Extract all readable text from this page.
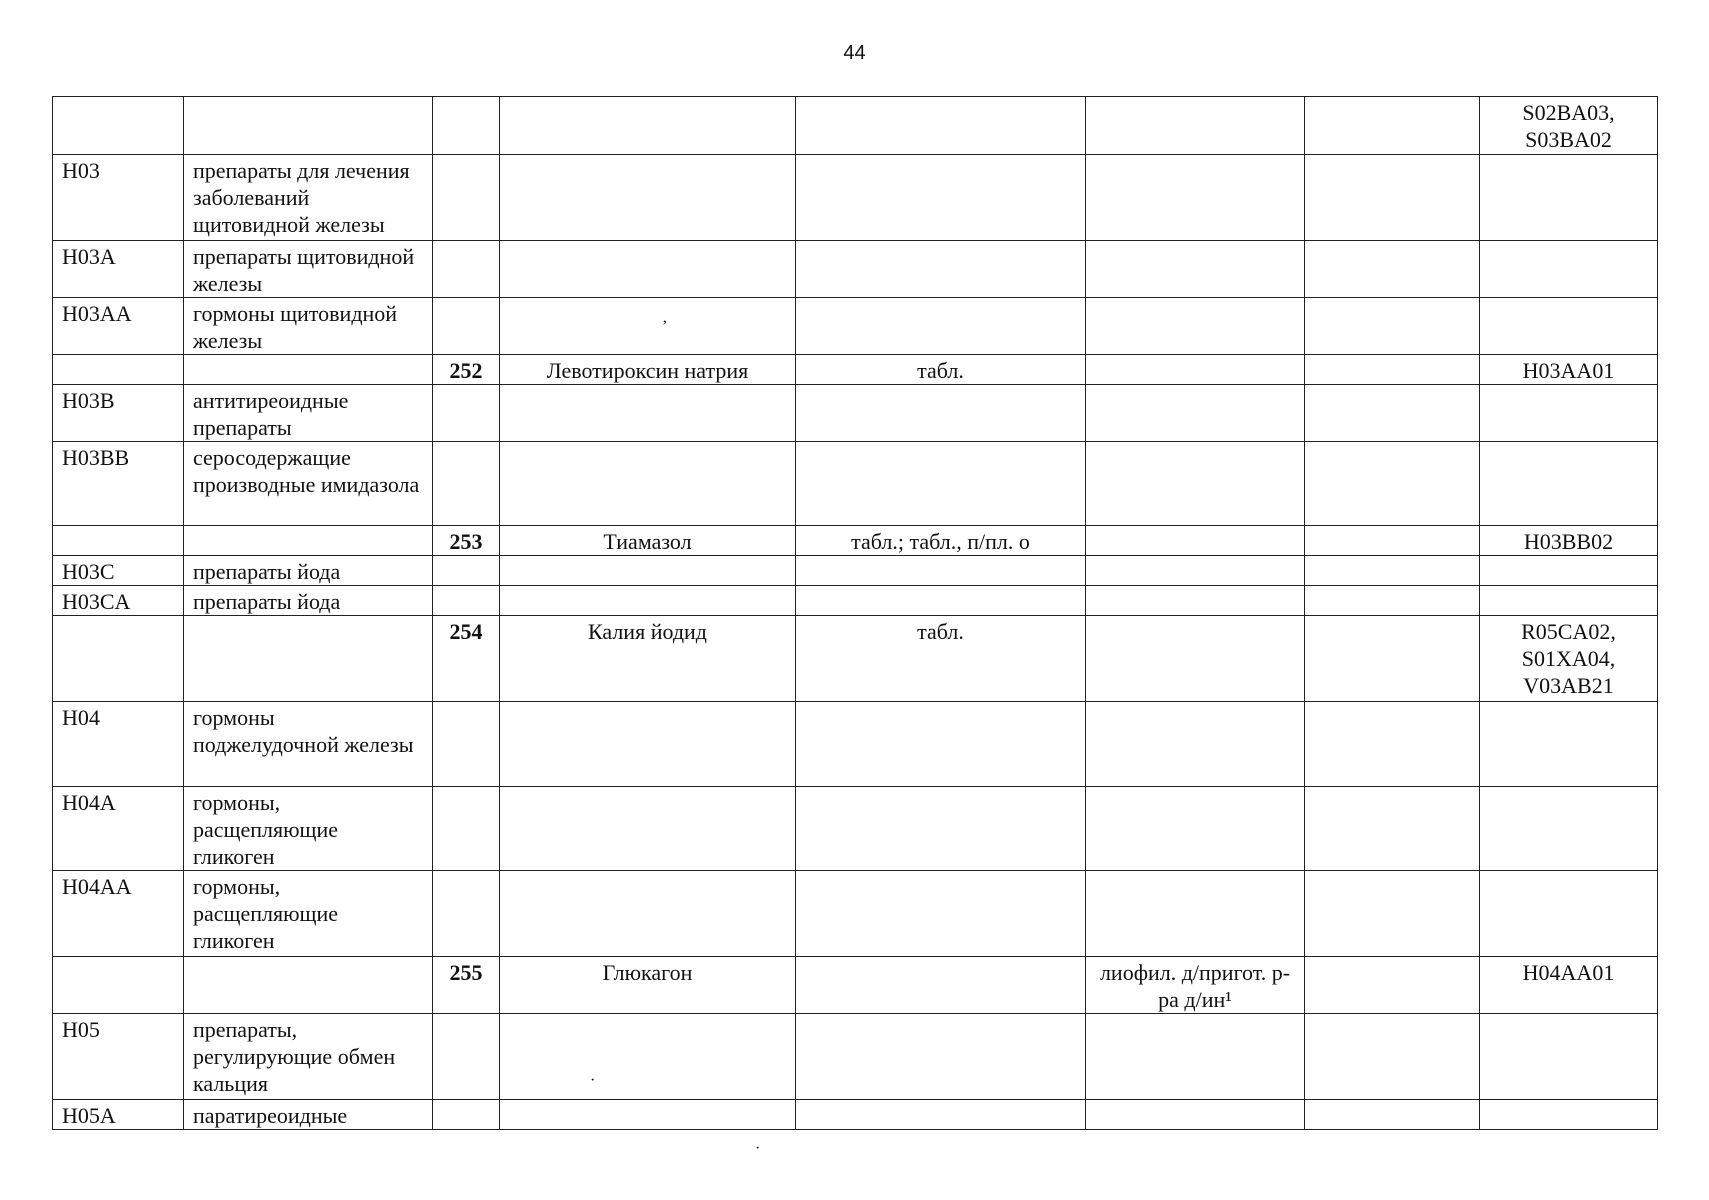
44
							S02BA03, S03BA02
H03	препараты для лечения заболеваний щитовидной железы						
H03A	препараты щитовидной железы						
H03AA	гормоны щитовидной железы						
		252	Левотироксин натрия	табл.			H03AA01
H03B	антитиреоидные препараты						
H03BB	серосодержащие производные имидазола						
		253	Тиамазол	табл.; табл., п/пл. о			H03BB02
H03C	препараты йода						
H03CA	препараты йода						
		254	Калия йодид	табл.			R05CA02, S01XA04, V03AB21
H04	гормоны поджелудочной железы						
H04A	гормоны, расщепляющие гликоген						
H04AA	гормоны, расщепляющие гликоген						
		255	Глюкагон		лиофил. д/пригот. р-ра д/ин¹		H04AA01
H05	препараты, регулирующие обмен кальция						
H05A	паратиреоидные						
ʼ
·
·
